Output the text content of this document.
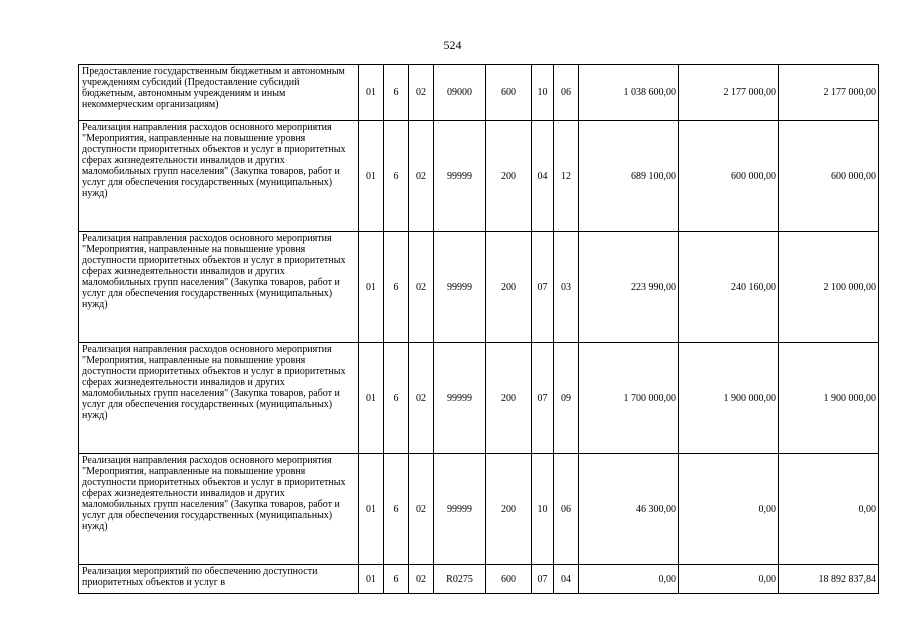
524
Предоставление государственным бюджетным и автономным учреждениям субсидий (Предоставление субсидий бюджетным, автономным учреждениям и иным некоммерческим организациям)	01	6	02	09000	600	10	06	1 038 600,00	2 177 000,00	2 177 000,00
Реализация направления расходов основного мероприятия "Мероприятия, направленные на повышение уровня доступности приоритетных объектов и услуг в приоритетных сферах жизнедеятельности инвалидов и других маломобильных групп населения" (Закупка товаров, работ и услуг для обеспечения государственных (муниципальных) нужд)	01	6	02	99999	200	04	12	689 100,00	600 000,00	600 000,00
Реализация направления расходов основного мероприятия "Мероприятия, направленные на повышение уровня доступности приоритетных объектов и услуг в приоритетных сферах жизнедеятельности инвалидов и других маломобильных групп населения" (Закупка товаров, работ и услуг для обеспечения государственных (муниципальных) нужд)	01	6	02	99999	200	07	03	223 990,00	240 160,00	2 100 000,00
Реализация направления расходов основного мероприятия "Мероприятия, направленные на повышение уровня доступности приоритетных объектов и услуг в приоритетных сферах жизнедеятельности инвалидов и других маломобильных групп населения" (Закупка товаров, работ и услуг для обеспечения государственных (муниципальных) нужд)	01	6	02	99999	200	07	09	1 700 000,00	1 900 000,00	1 900 000,00
Реализация направления расходов основного мероприятия "Мероприятия, направленные на повышение уровня доступности приоритетных объектов и услуг в приоритетных сферах жизнедеятельности инвалидов и других маломобильных групп населения" (Закупка товаров, работ и услуг для обеспечения государственных (муниципальных) нужд)	01	6	02	99999	200	10	06	46 300,00	0,00	0,00
Реализация мероприятий по обеспечению доступности приоритетных объектов и услуг в	01	6	02	R0275	600	07	04	0,00	0,00	18 892 837,84
